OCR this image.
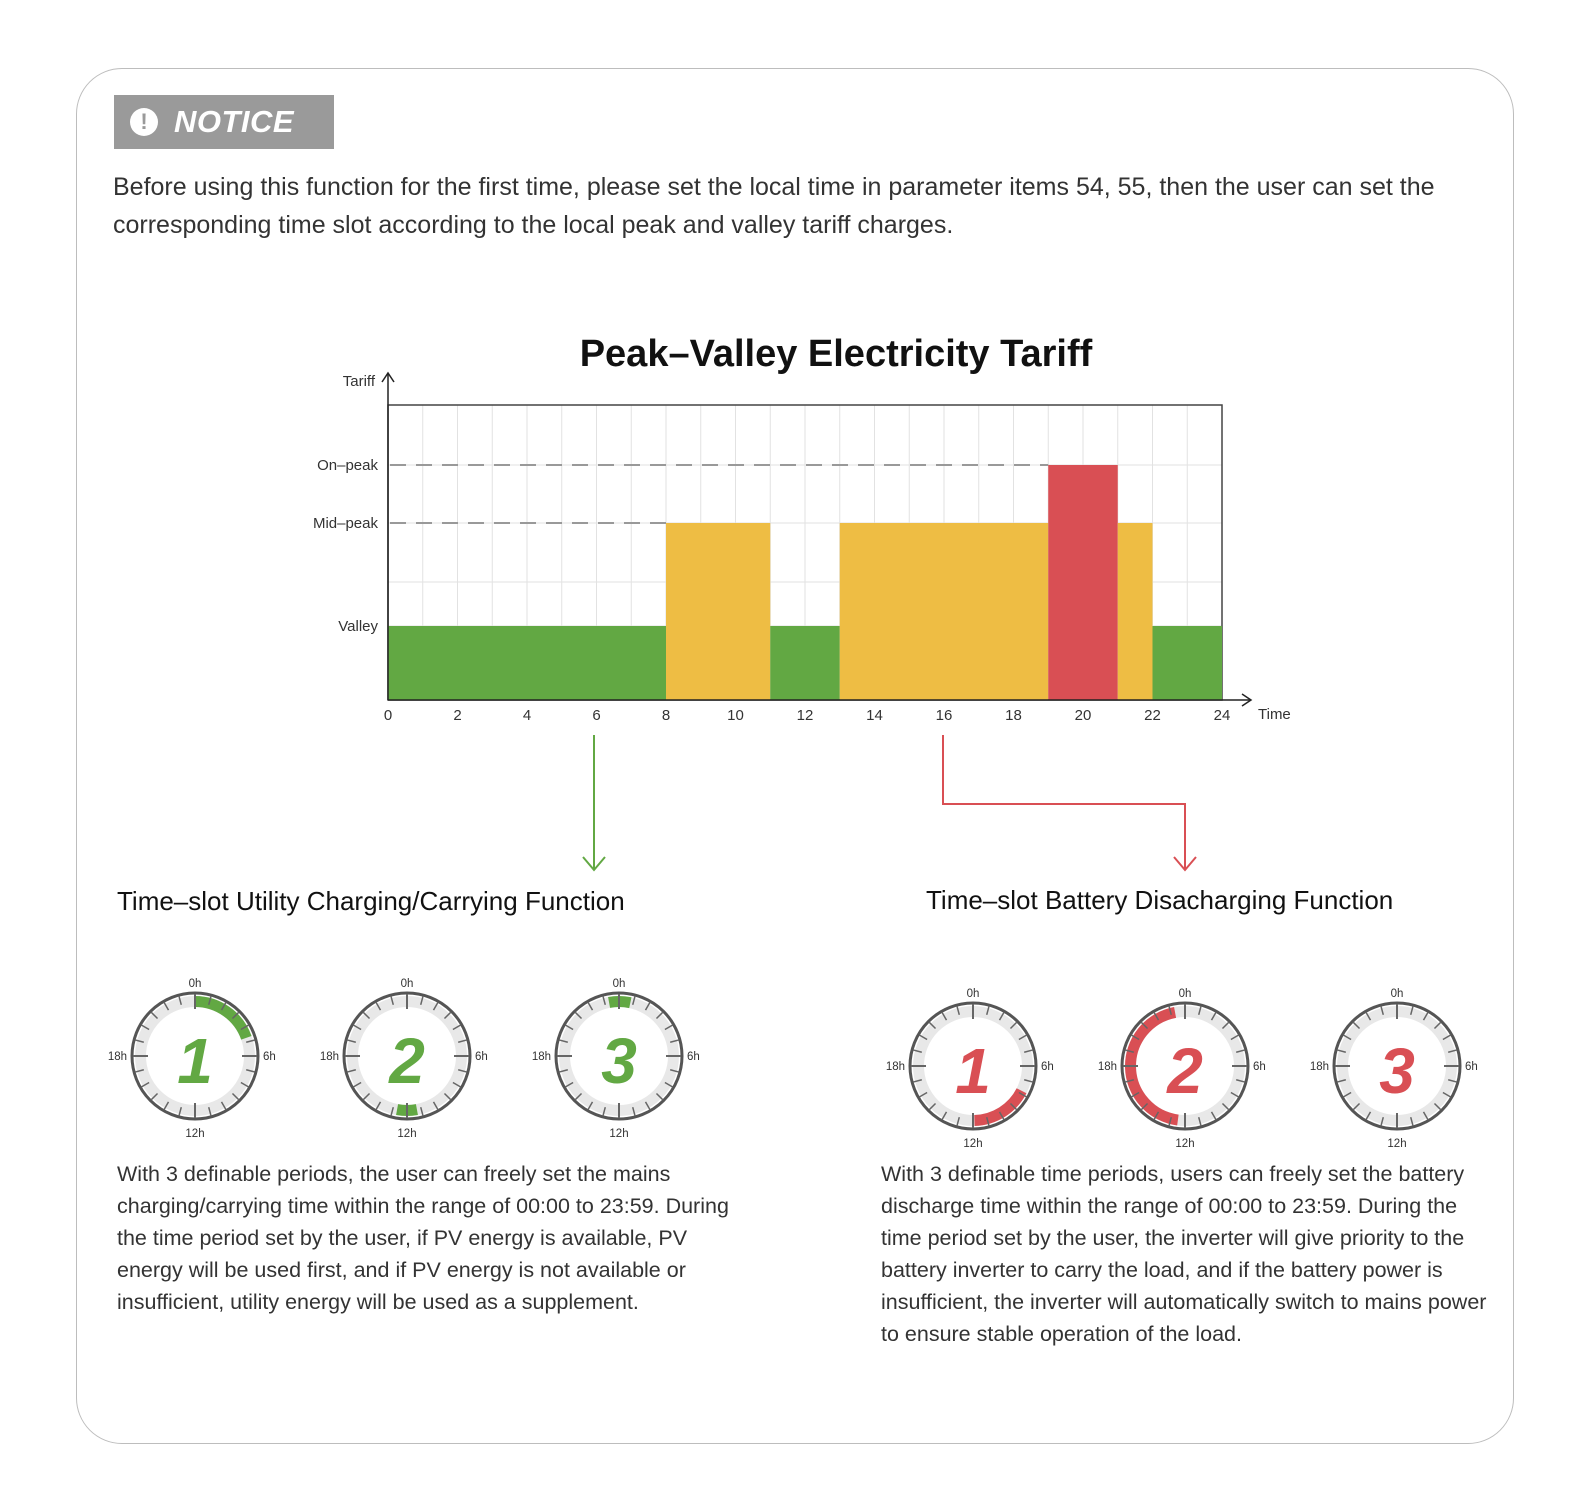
! NOTICE

Before using this function for the first time, please set the local time in parameter items 54, 55, then the user can set the corresponding time slot according to the local peak and valley tariff charges.

Peak–Valley Electricity Tariff
Tariff
Time
0	2	4	6	8	10	12	14	16	18	20	22	24
Valley
Mid–peak
On–peak
1
0h
6h
12h
18h	2
0h
6h
12h
18h	3
0h
6h
12h
18h	1
0h
6h
12h
18h	2
0h
6h
12h
18h	3
0h
6h
12h
18h
Time–slot Utility Charging/Carrying Function	Time–slot Battery Disacharging Function

With 3 definable periods, the user can freely set the mains charging/carrying time within the range of 00:00 to 23:59. During the time period set by the user, if PV energy is available, PV energy will be used first, and if PV energy is not available or insufficient, utility energy will be used as a supplement.

With 3 definable time periods, users can freely set the battery discharge time within the range of 00:00 to 23:59. During the time period set by the user, the inverter will give priority to the battery inverter to carry the load, and if the battery power is insufficient, the inverter will automatically switch to mains power to ensure stable operation of the load.
